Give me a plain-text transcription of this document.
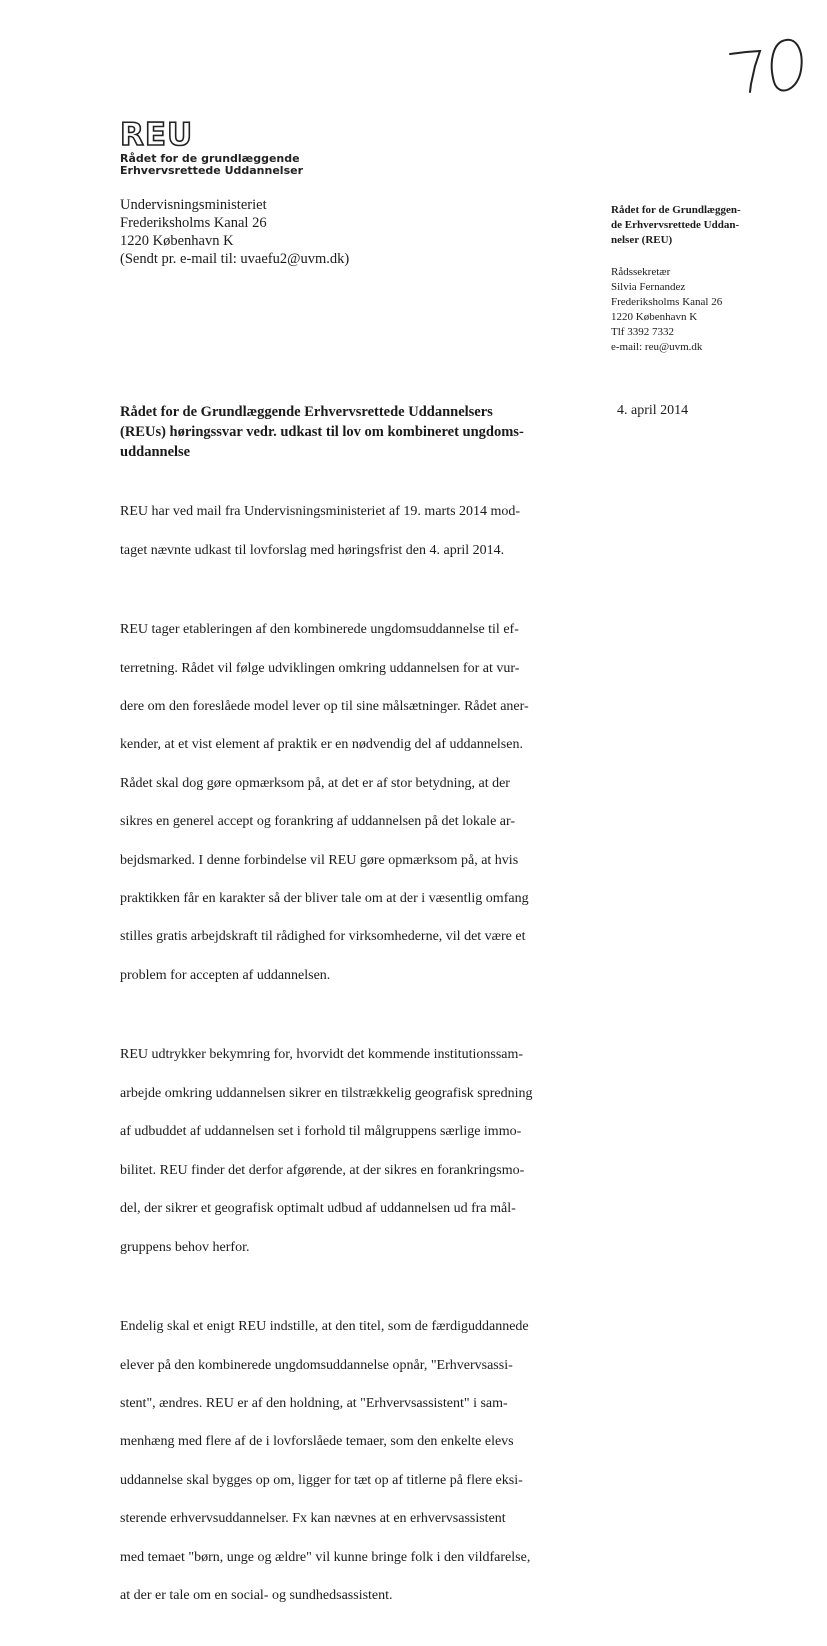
REU
Rådet for de grundlæggende
Erhvervsrettede Uddannelser
Undervisningsministeriet
Frederiksholms Kanal 26
1220 København K
(Sendt pr. e-mail til: uvaefu2@uvm.dk)
Rådet for de Grundlæggen-
de Erhvervsrettede Uddan-
nelser (REU)
Rådssekretær
Silvia Fernandez
Frederiksholms Kanal 26
1220 København K
Tlf 3392 7332
e-mail: reu@uvm.dk
4. april 2014
Rådet for de Grundlæggende Erhvervsrettede Uddannelsers
(REUs) høringssvar vedr. udkast til lov om kombineret ungdoms-
uddannelse

REU har ved mail fra Undervisningsministeriet af 19. marts 2014 mod-

taget nævnte udkast til lovforslag med høringsfrist den 4. april 2014.

REU tager etableringen af den kombinerede ungdomsuddannelse til ef-

terretning. Rådet vil følge udviklingen omkring uddannelsen for at vur-

dere om den foreslåede model lever op til sine målsætninger. Rådet aner-

kender, at et vist element af praktik er en nødvendig del af uddannelsen.

Rådet skal dog gøre opmærksom på, at det er af stor betydning, at der

sikres en generel accept og forankring af uddannelsen på det lokale ar-

bejdsmarked. I denne forbindelse vil REU gøre opmærksom på, at hvis

praktikken får en karakter så der bliver tale om at der i væsentlig omfang

stilles gratis arbejdskraft til rådighed for virksomhederne, vil det være et

problem for accepten af uddannelsen.

REU udtrykker bekymring for, hvorvidt det kommende institutionssam-

arbejde omkring uddannelsen sikrer en tilstrækkelig geografisk spredning

af udbuddet af uddannelsen set i forhold til målgruppens særlige immo-

bilitet. REU finder det derfor afgørende, at der sikres en forankringsmo-

del, der sikrer et geografisk optimalt udbud af uddannelsen ud fra mål-

gruppens behov herfor.

Endelig skal et enigt REU indstille, at den titel, som de færdiguddannede

elever på den kombinerede ungdomsuddannelse opnår, "Erhvervsassi-

stent", ændres. REU er af den holdning, at "Erhvervsassistent" i sam-

menhæng med flere af de i lovforslåede temaer, som den enkelte elevs

uddannelse skal bygges op om, ligger for tæt op af titlerne på flere eksi-

sterende erhvervsuddannelser. Fx kan nævnes at en erhvervsassistent

med temaet "børn, unge og ældre" vil kunne bringe folk i den vildfarelse,

at der er tale om en social- og sundhedsassistent.
